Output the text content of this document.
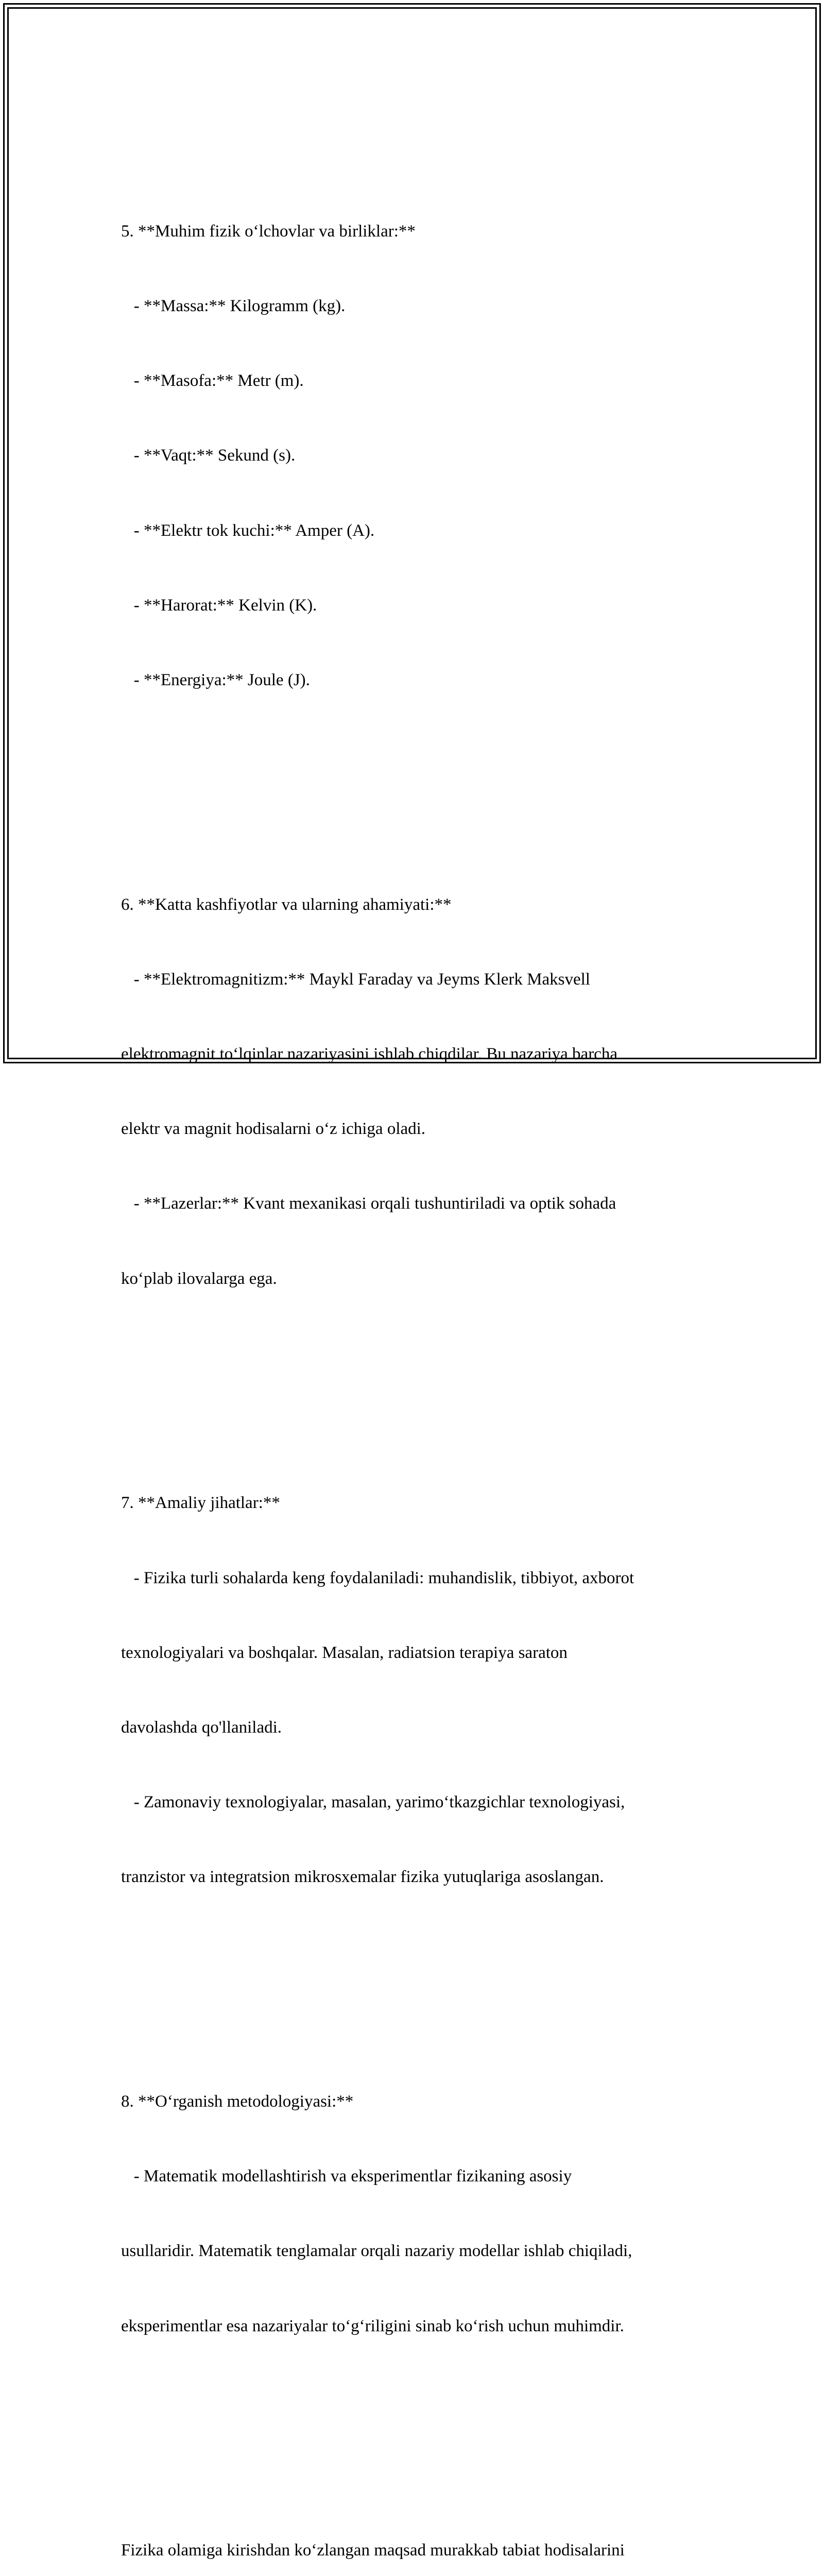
5. **Muhim fizik o‘lchovlar va birliklar:**

- **Massa:** Kilogramm (kg).

- **Masofa:** Metr (m).

- **Vaqt:** Sekund (s).

- **Elektr tok kuchi:** Amper (A).

- **Harorat:** Kelvin (K).

- **Energiya:** Joule (J).

6. **Katta kashfiyotlar va ularning ahamiyati:**

- **Elektromagnitizm:** Maykl Faraday va Jeyms Klerk Maksvell

elektromagnit to‘lqinlar nazariyasini ishlab chiqdilar. Bu nazariya barcha

elektr va magnit hodisalarni o‘z ichiga oladi.

- **Lazerlar:** Kvant mexanikasi orqali tushuntiriladi va optik sohada

ko‘plab ilovalarga ega.

7. **Amaliy jihatlar:**

- Fizika turli sohalarda keng foydalaniladi: muhandislik, tibbiyot, axborot

texnologiyalari va boshqalar. Masalan, radiatsion terapiya saraton

davolashda qo'llaniladi.

- Zamonaviy texnologiyalar, masalan, yarimo‘tkazgichlar texnologiyasi,

tranzistor va integratsion mikrosxemalar fizika yutuqlariga asoslangan.

8. **O‘rganish metodologiyasi:**

- Matematik modellashtirish va eksperimentlar fizikaning asosiy

usullaridir. Matematik tenglamalar orqali nazariy modellar ishlab chiqiladi,

eksperimentlar esa nazariyalar to‘g‘riligini sinab ko‘rish uchun muhimdir.

Fizika olamiga kirishdan ko‘zlangan maqsad murakkab tabiat hodisalarini
